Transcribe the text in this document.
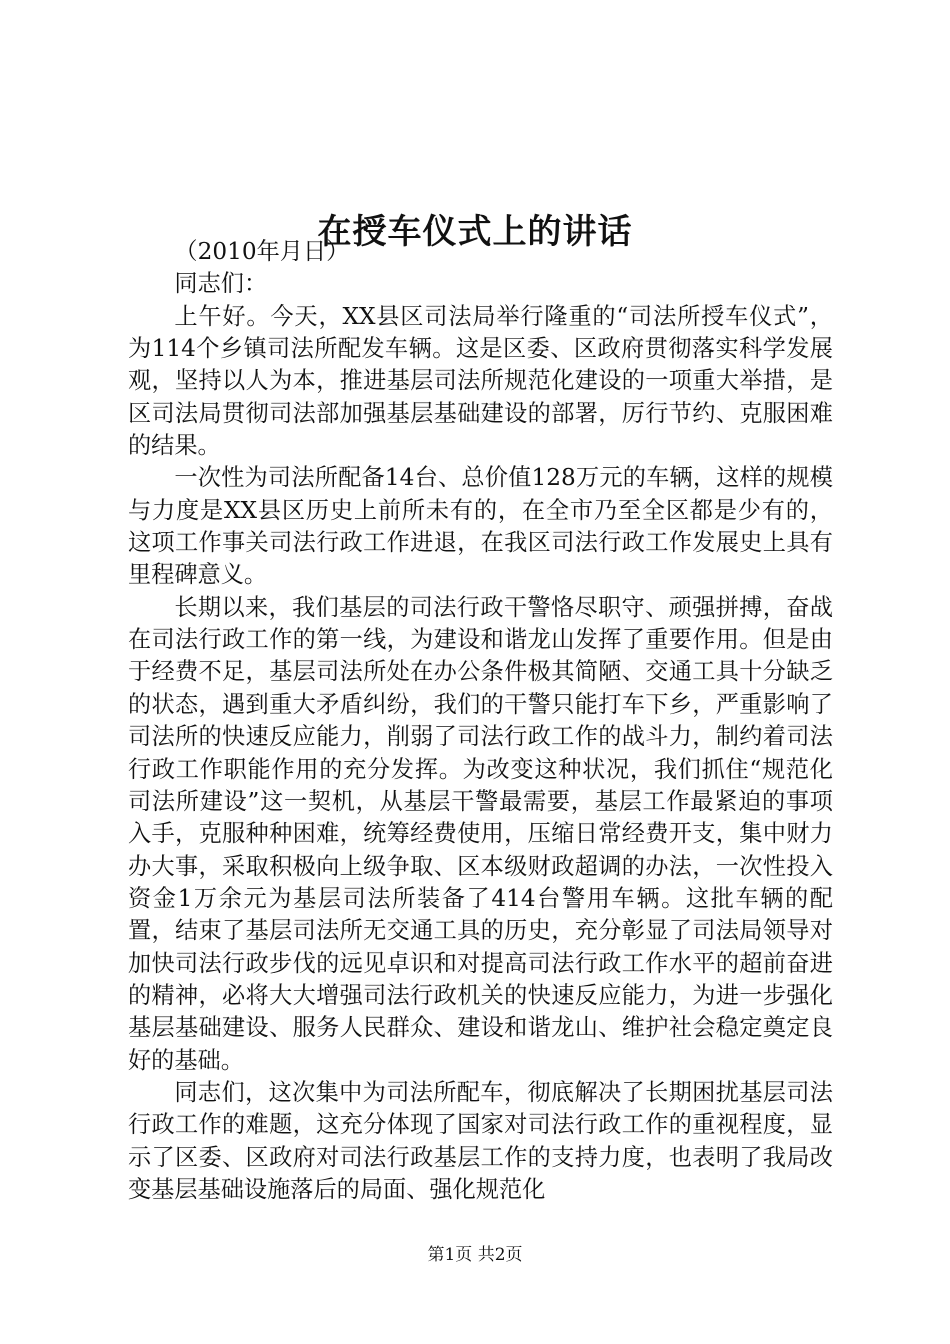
在授车仪式上的讲话

（2010年月日）

同志们：

上午好。今天，XX县区司法局举行隆重的“司法所授车仪式”，为114个乡镇司法所配发车辆。这是区委、区政府贯彻落实科学发展观，坚持以人为本，推进基层司法所规范化建设的一项重大举措，是区司法局贯彻司法部加强基层基础建设的部署，厉行节约、克服困难的结果。

一次性为司法所配备14台、总价值128万元的车辆，这样的规模与力度是XX县区历史上前所未有的，在全市乃至全区都是少有的，这项工作事关司法行政工作进退，在我区司法行政工作发展史上具有里程碑意义。

长期以来，我们基层的司法行政干警恪尽职守、顽强拼搏，奋战在司法行政工作的第一线，为建设和谐龙山发挥了重要作用。但是由于经费不足，基层司法所处在办公条件极其简陋、交通工具十分缺乏的状态，遇到重大矛盾纠纷，我们的干警只能打车下乡，严重影响了司法所的快速反应能力，削弱了司法行政工作的战斗力，制约着司法行政工作职能作用的充分发挥。为改变这种状况，我们抓住“规范化司法所建设”这一契机，从基层干警最需要，基层工作最紧迫的事项入手，克服种种困难，统筹经费使用，压缩日常经费开支，集中财力办大事，采取积极向上级争取、区本级财政超调的办法，一次性投入资金1万余元为基层司法所装备了414台警用车辆。这批车辆的配置，结束了基层司法所无交通工具的历史，充分彰显了司法局领导对加快司法行政步伐的远见卓识和对提高司法行政工作水平的超前奋进的精神，必将大大增强司法行政机关的快速反应能力，为进一步强化基层基础建设、服务人民群众、建设和谐龙山、维护社会稳定奠定良好的基础。

同志们，这次集中为司法所配车，彻底解决了长期困扰基层司法行政工作的难题，这充分体现了国家对司法行政工作的重视程度，显示了区委、区政府对司法行政基层工作的支持力度，也表明了我局改变基层基础设施落后的局面、强化规范化

第1页 共2页
